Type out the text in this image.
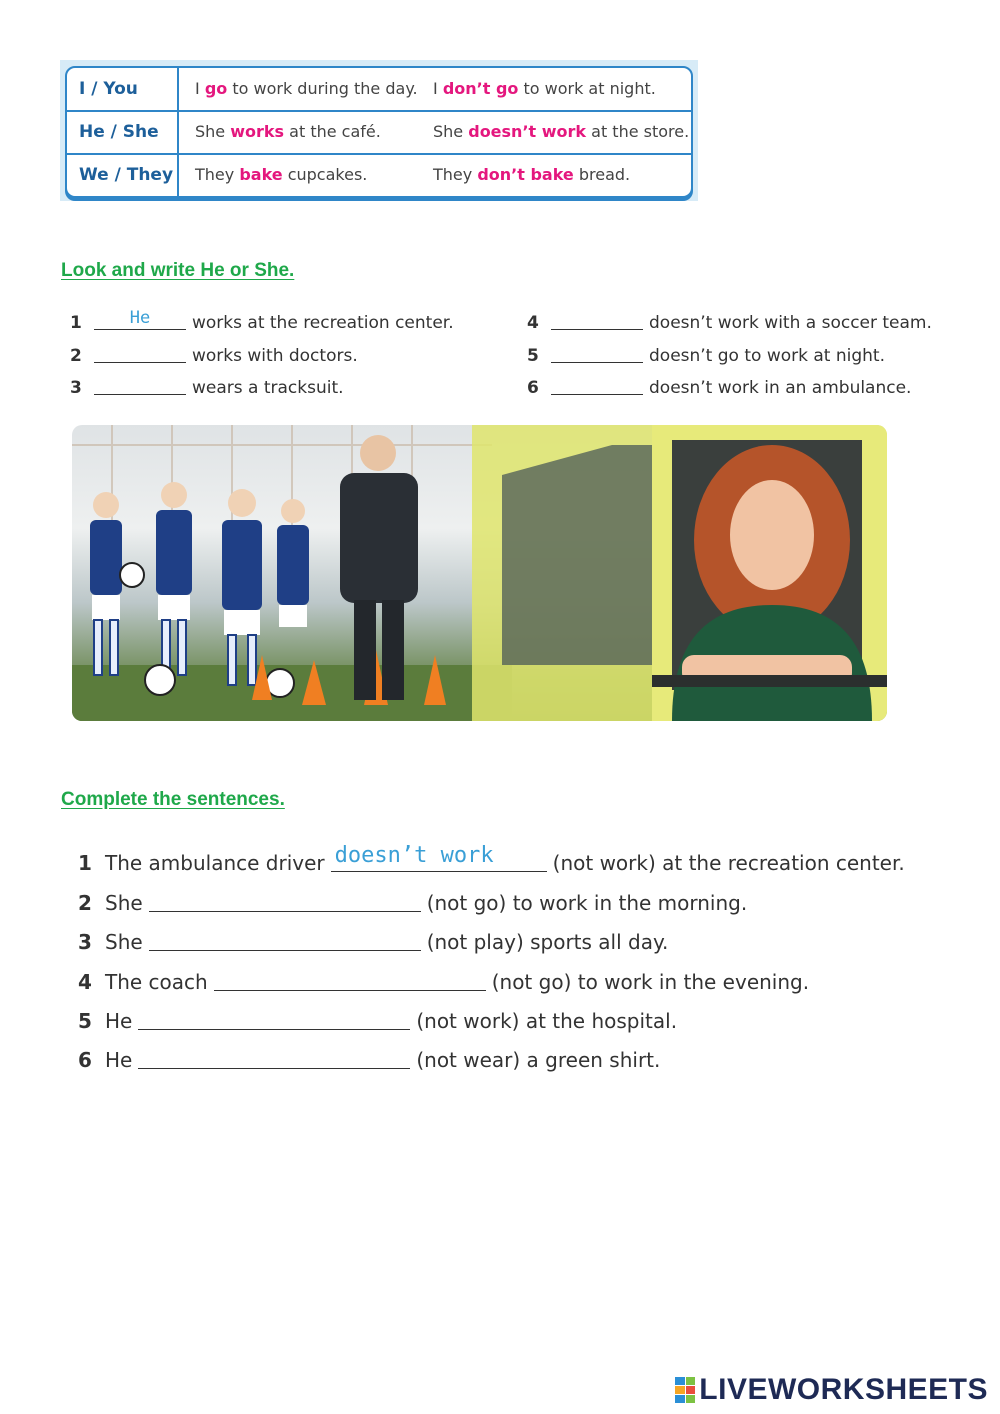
I / You	I go to work during the day. I don’t go to work at night.
He / She	She works at the café.	She doesn’t work at the store.
We / They	They bake cupcakes.	They don’t bake bread.
Look and write He or She.
1	He	works at the recreation center.
2	works with doctors.
3	wears a tracksuit.
4	doesn’t work with a soccer team.
5	doesn’t go to work at night.
6	doesn’t work in an ambulance.
Complete the sentences.
1 The ambulance driver doesn’t work	(not work) at the recreation center.
2 She	(not go) to work in the morning.
3 She	(not play) sports all day.
4 The coach	(not go) to work in the evening.
5 He	(not work) at the hospital.
6 He	(not wear) a green shirt.
LIVEWORKSHEETS
